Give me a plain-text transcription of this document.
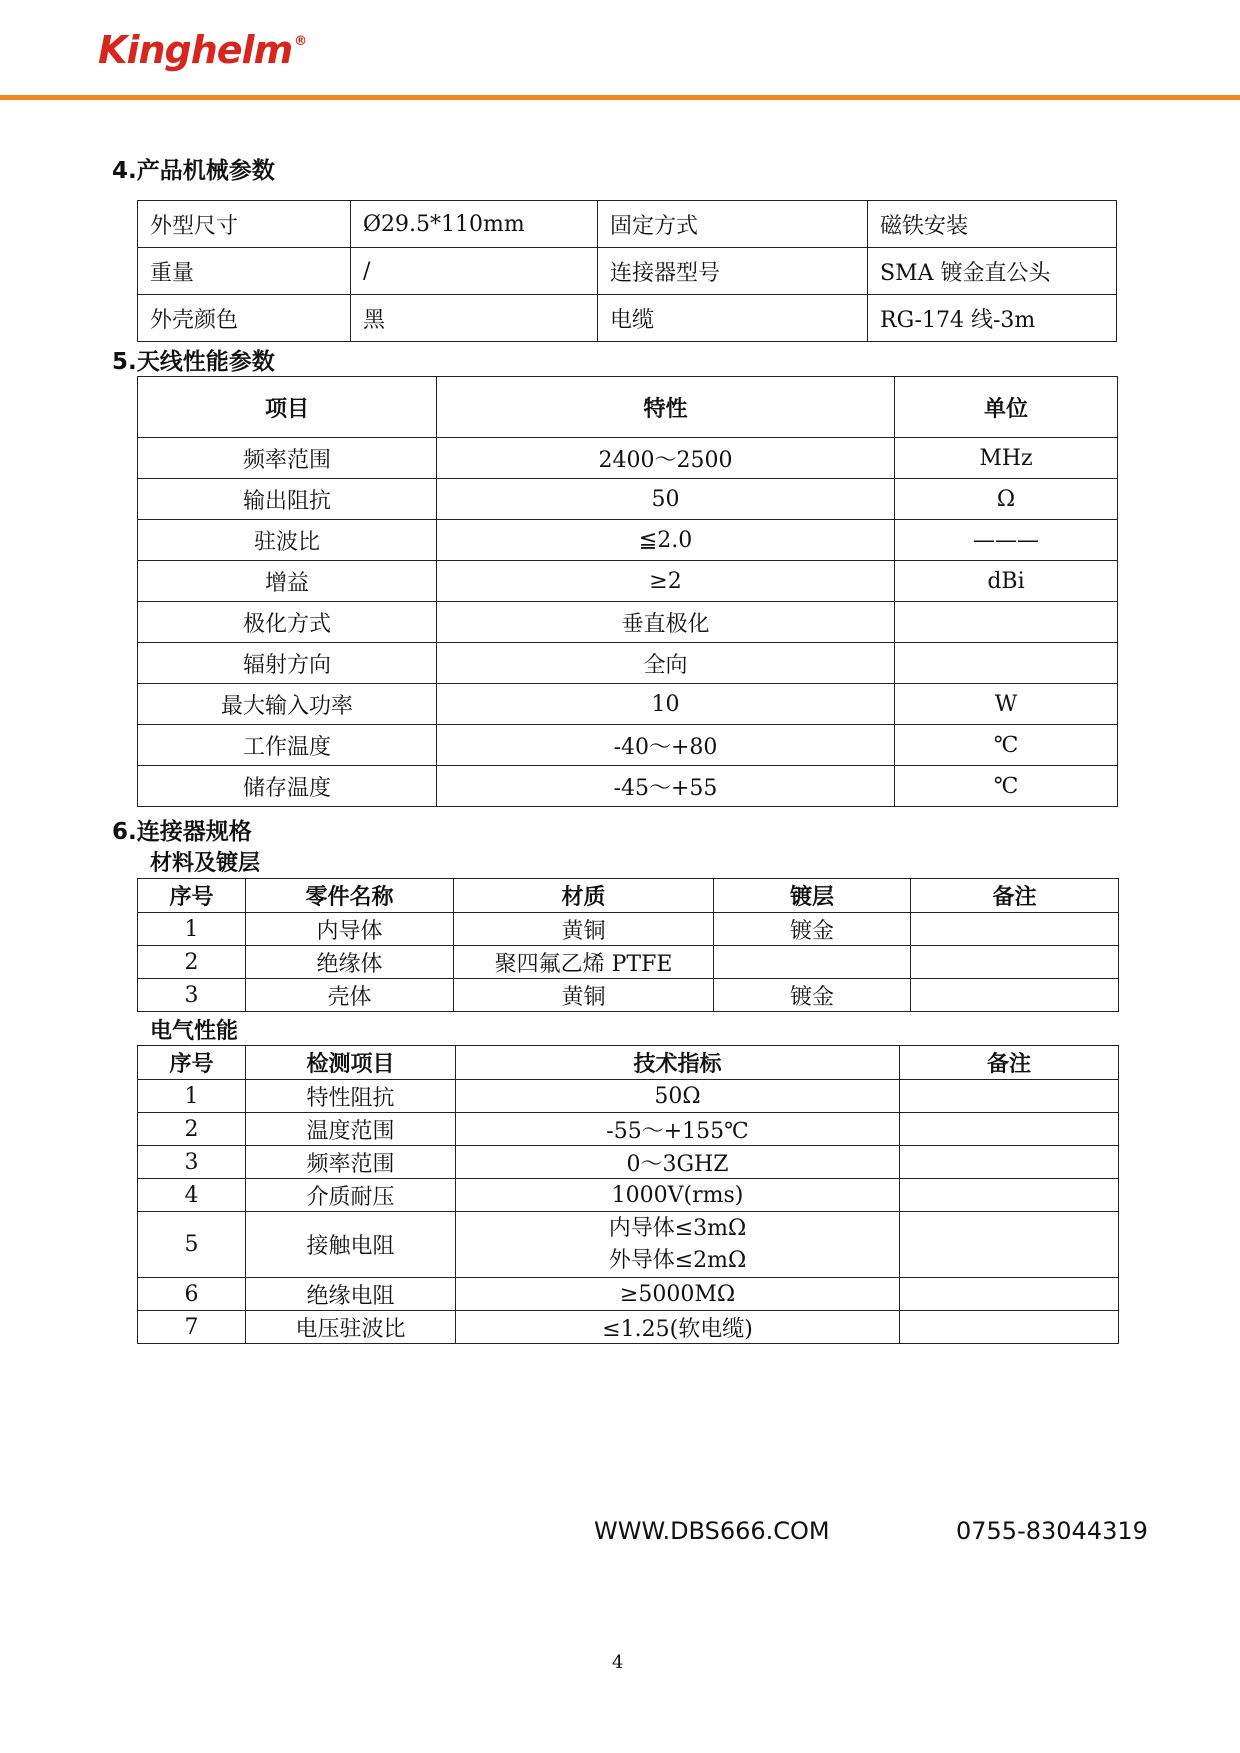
Kinghelm ®
4.产品机械参数
外型尺寸	Ø29.5*110mm	固定方式	磁铁安装
重量	/	连接器型号	SMA 镀金直公头
外壳颜色	黑	电缆	RG-174 线-3m
5.天线性能参数
项目	特性	单位
频率范围	2400～2500	MHz
输出阻抗	50	Ω
驻波比	≦2.0	———
增益	≥2	dBi
极化方式	垂直极化	
辐射方向	全向	
最大输入功率	10	W
工作温度	-40～+80	℃
储存温度	-45～+55	℃
6.连接器规格
材料及镀层
序号	零件名称	材质	镀层	备注
1	内导体	黄铜	镀金	
2	绝缘体	聚四氟乙烯 PTFE		
3	壳体	黄铜	镀金	
电气性能
序号	检测项目	技术指标	备注
1	特性阻抗	50Ω	
2	温度范围	-55～+155℃	
3	频率范围	0～3GHZ	
4	介质耐压	1000V(rms)	
5	接触电阻	内导体≤3mΩ
外导体≤2mΩ	

6	绝缘电阻	≥5000MΩ	
7	电压驻波比	≤1.25(软电缆)	
WWW.DBS666.COM	0755-83044319
4
